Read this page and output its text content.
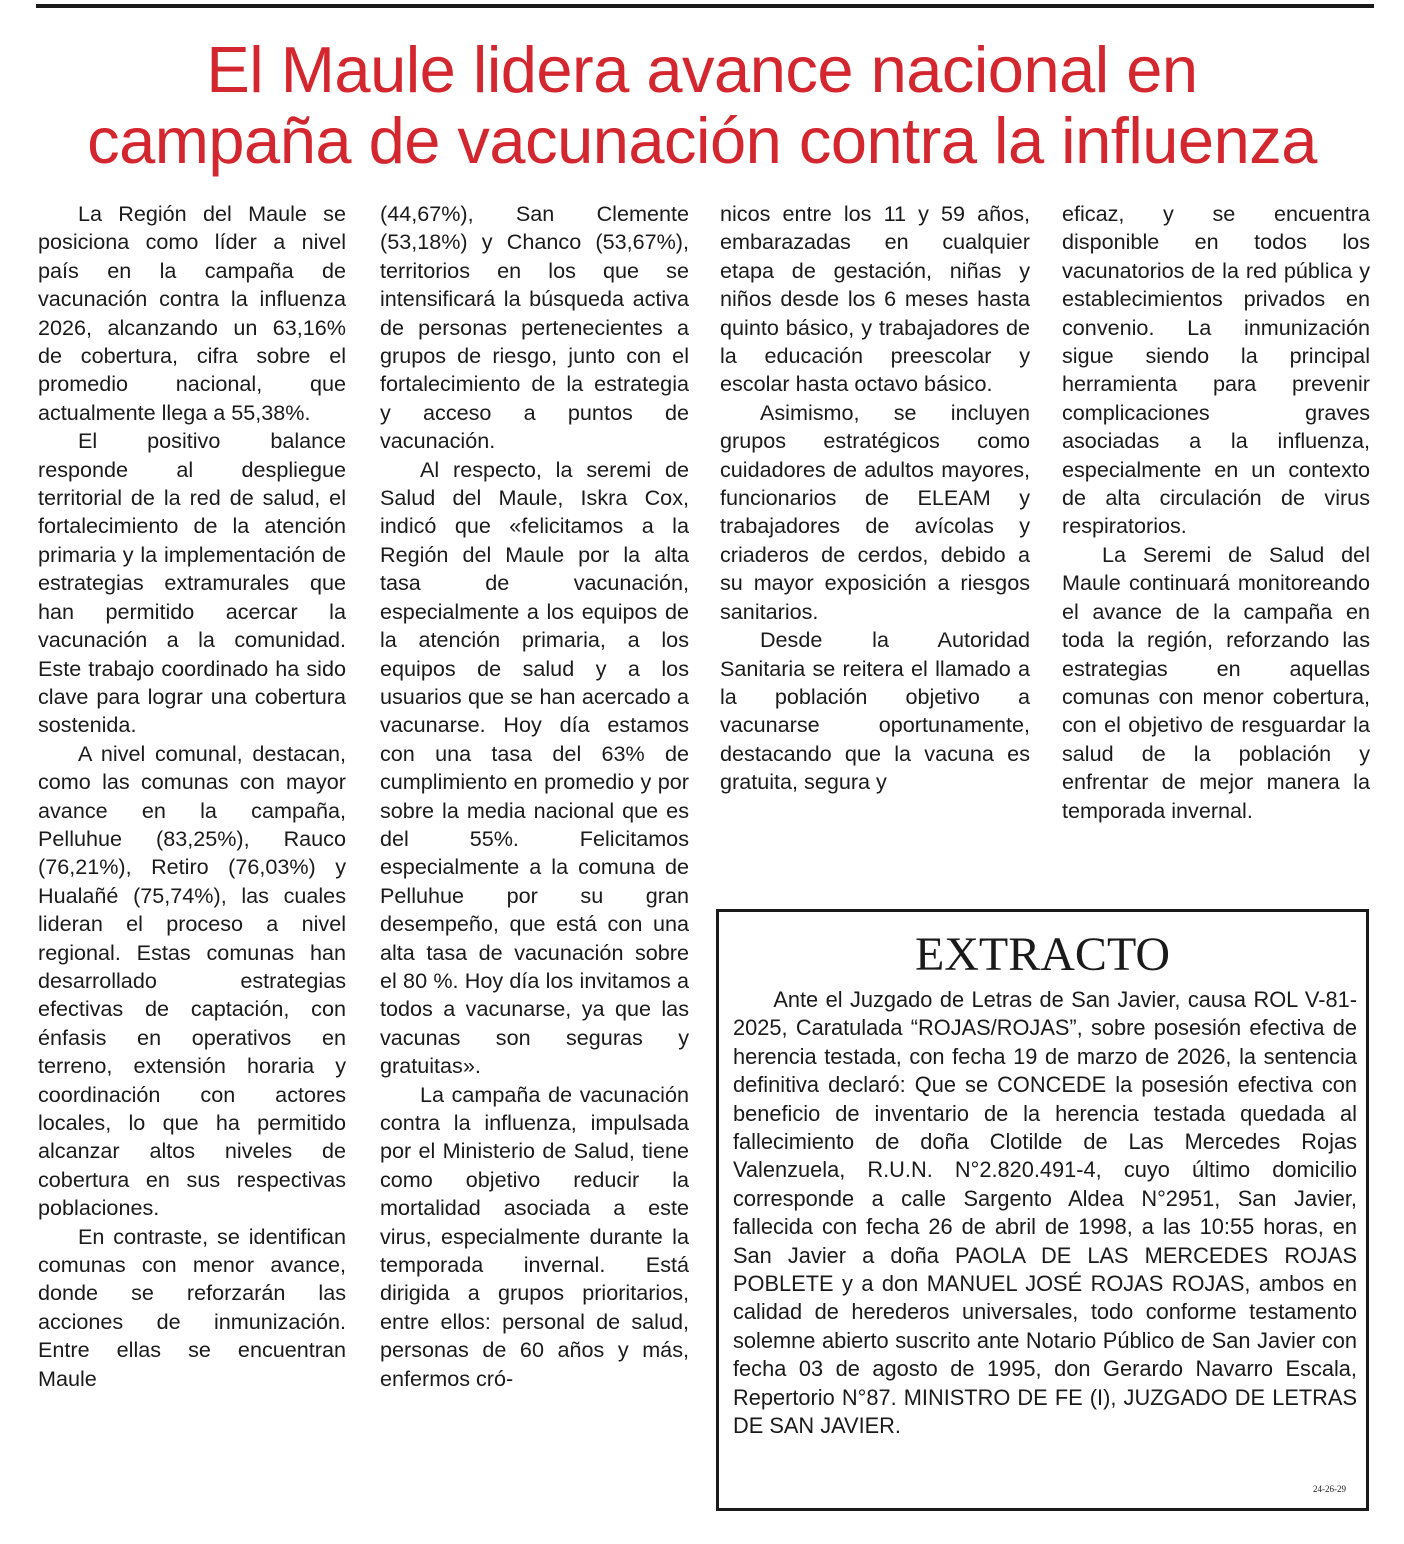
El Maule lidera avance nacional en
campaña de vacunación contra la influenza

La Región del Maule se posiciona como líder a nivel país en la campaña de vacunación contra la influenza 2026, alcanzando un 63,16% de cobertura, cifra sobre el promedio nacional, que actualmente llega a 55,38%.

El positivo balance responde al despliegue territorial de la red de salud, el fortalecimiento de la atención primaria y la implementación de estrategias extramurales que han permitido acercar la vacunación a la comunidad. Este trabajo coordinado ha sido clave para lograr una cobertura sostenida.

A nivel comunal, destacan, como las comunas con mayor avance en la campaña, Pelluhue (83,25%), Rauco (76,21%), Retiro (76,03%) y Hualañé (75,74%), las cuales lideran el proceso a nivel regional. Estas comunas han desarrollado estrategias efectivas de captación, con énfasis en operativos en terreno, extensión horaria y coordinación con actores locales, lo que ha permitido alcanzar altos niveles de cobertura en sus respectivas poblaciones.

En contraste, se identifican comunas con menor avance, donde se reforzarán las acciones de inmunización. Entre ellas se encuentran Maule

(44,67%), San Clemente (53,18%) y Chanco (53,67%), territorios en los que se intensificará la búsqueda activa de personas pertenecientes a grupos de riesgo, junto con el fortalecimiento de la estrategia y acceso a puntos de vacunación.

Al respecto, la seremi de Salud del Maule, Iskra Cox, indicó que «felicitamos a la Región del Maule por la alta tasa de vacunación, especialmente a los equipos de la atención primaria, a los equipos de salud y a los usuarios que se han acercado a vacunarse. Hoy día estamos con una tasa del 63% de cumplimiento en promedio y por sobre la media nacional que es del 55%. Felicitamos especialmente a la comuna de Pelluhue por su gran desempeño, que está con una alta tasa de vacunación sobre el 80 %. Hoy día los invitamos a todos a vacunarse, ya que las vacunas son seguras y gratuitas».

La campaña de vacunación contra la influenza, impulsada por el Ministerio de Salud, tiene como objetivo reducir la mortalidad asociada a este virus, especialmente durante la temporada invernal. Está dirigida a grupos prioritarios, entre ellos: personal de salud, personas de 60 años y más, enfermos cró-

nicos entre los 11 y 59 años, embarazadas en cualquier etapa de gestación, niñas y niños desde los 6 meses hasta quinto básico, y trabajadores de la educación preescolar y escolar hasta octavo básico.

Asimismo, se incluyen grupos estratégicos como cuidadores de adultos mayores, funcionarios de ELEAM y trabajadores de avícolas y criaderos de cerdos, debido a su mayor exposición a riesgos sanitarios.

Desde la Autoridad Sanitaria se reitera el llamado a la población objetivo a vacunarse oportunamente, destacando que la vacuna es gratuita, segura y

eficaz, y se encuentra disponible en todos los vacunatorios de la red pública y establecimientos privados en convenio. La inmunización sigue siendo la principal herramienta para prevenir complicaciones graves asociadas a la influenza, especialmente en un contexto de alta circulación de virus respiratorios.

La Seremi de Salud del Maule continuará monitoreando el avance de la campaña en toda la región, reforzando las estrategias en aquellas comunas con menor cobertura, con el objetivo de resguardar la salud de la población y enfrentar de mejor manera la temporada invernal.

EXTRACTO

Ante el Juzgado de Letras de San Javier, causa ROL V-81-2025, Caratulada “ROJAS/ROJAS”, sobre posesión efectiva de herencia testada, con fecha 19 de marzo de 2026, la sentencia definitiva declaró: Que se CONCEDE la posesión efectiva con beneficio de inventario de la herencia testada quedada al fallecimiento de doña Clotilde de Las Mercedes Rojas Valenzuela, R.U.N. N°2.820.491-4, cuyo último domicilio corresponde a calle Sargento Aldea N°2951, San Javier, fallecida con fecha 26 de abril de 1998, a las 10:55 horas, en San Javier a doña PAOLA DE LAS MERCEDES ROJAS POBLETE y a don MANUEL JOSÉ ROJAS ROJAS, ambos en calidad de herederos universales, todo conforme testamento solemne abierto suscrito ante Notario Público de San Javier con fecha 03 de agosto de 1995, don Gerardo Navarro Escala, Repertorio N°87. MINISTRO DE FE (I), JUZGADO DE LETRAS DE SAN JAVIER.

24-26-29
